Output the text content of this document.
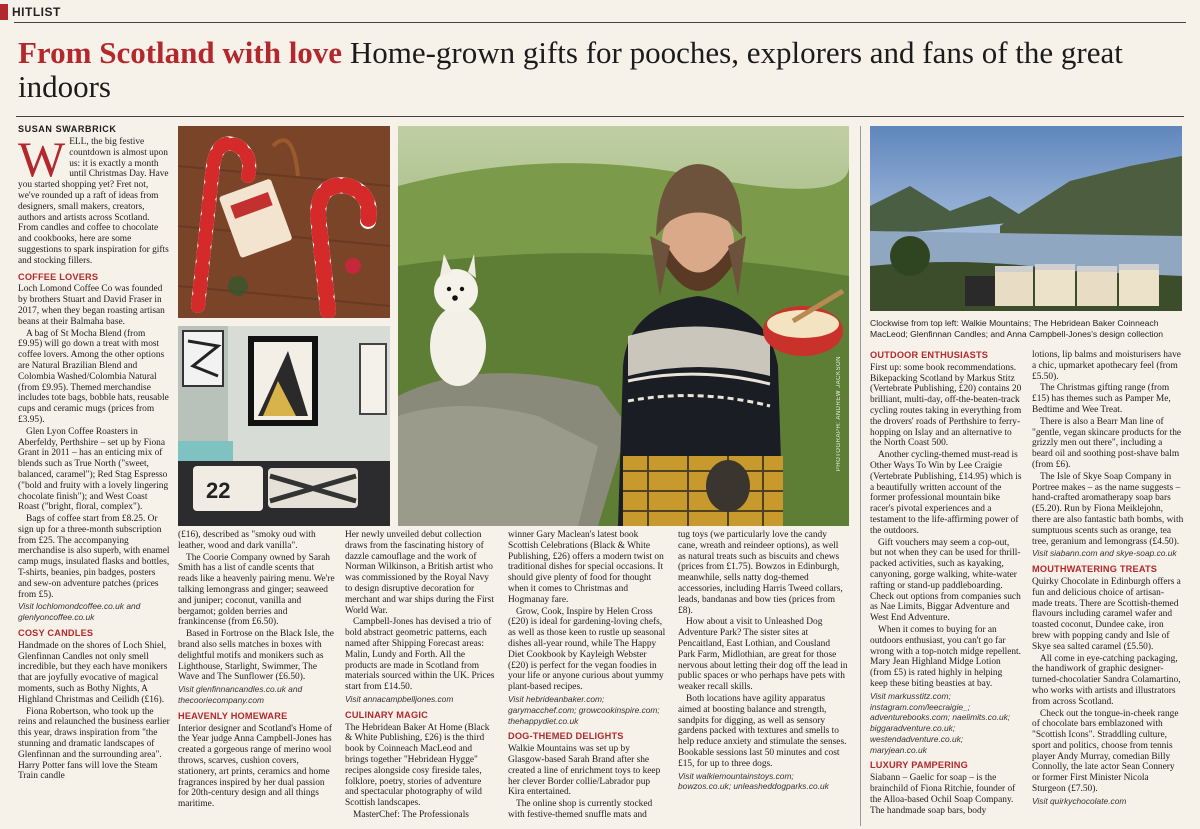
HITLIST
From Scotland with love Home-grown gifts for pooches, explorers and fans of the great indoors
SUSAN SWARBRICK

WELL, the big festive countdown is almost upon us: it is exactly a month until Christmas Day. Have you started shopping yet? Fret not, we've rounded up a raft of ideas from designers, small makers, creators, authors and artists across Scotland. From candles and coffee to chocolate and cookbooks, here are some suggestions to spark inspiration for gifts and stocking fillers.

COFFEE LOVERS

Loch Lomond Coffee Co was founded by brothers Stuart and David Fraser in 2017, when they began roasting artisan beans at their Balmaha base.

A bag of St Mocha Blend (from £9.95) will go down a treat with most coffee lovers. Among the other options are Natural Brazilian Blend and Colombia Washed/Colombia Natural (from £9.95). Themed merchandise includes tote bags, bobble hats, reusable cups and ceramic mugs (prices from £3.95).

Glen Lyon Coffee Roasters in Aberfeldy, Perthshire – set up by Fiona Grant in 2011 – has an enticing mix of blends such as True North ("sweet, balanced, caramel"); Red Stag Espresso ("bold and fruity with a lovely lingering chocolate finish"); and West Coast Roast ("bright, floral, complex").

Bags of coffee start from £8.25. Or sign up for a three-month subscription from £25. The accompanying merchandise is also superb, with enamel camp mugs, insulated flasks and bottles, T-shirts, beanies, pin badges, posters and sew-on adventure patches (prices from £5).

Visit lochlomondcoffee.co.uk and glenlyoncoffee.co.uk

COSY CANDLES

Handmade on the shores of Loch Shiel, Glenfinnan Candles not only smell incredible, but they each have monikers that are joyfully evocative of magical moments, such as Bothy Nights, A Highland Christmas and Ceilidh (£16).

Fiona Robertson, who took up the reins and relaunched the business earlier this year, draws inspiration from "the stunning and dramatic landscapes of Glenfinnan and the surrounding area". Harry Potter fans will love the Steam Train candle

22
PHOTOGRAPH: ANDREW JACKSON
Clockwise from top left: Walkie Mountains; The Hebridean Baker Coinneach MacLeod; Glenfinnan Candles; and Anna Campbell-Jones's design collection

(£16), described as "smoky oud with leather, wood and dark vanilla".

The Coorie Company owned by Sarah Smith has a list of candle scents that reads like a heavenly pairing menu. We're talking lemongrass and ginger; seaweed and juniper; coconut, vanilla and bergamot; golden berries and frankincense (from £6.50).

Based in Fortrose on the Black Isle, the brand also sells matches in boxes with delightful motifs and monikers such as Lighthouse, Starlight, Swimmer, The Wave and The Sunflower (£6.50).

Visit glenfinnancandles.co.uk and thecooriecompany.com

HEAVENLY HOMEWARE

Interior designer and Scotland's Home of the Year judge Anna Campbell-Jones has created a gorgeous range of merino wool throws, scarves, cushion covers, stationery, art prints, ceramics and home fragrances inspired by her dual passion for 20th-century design and all things maritime.

Her newly unveiled debut collection draws from the fascinating history of dazzle camouflage and the work of Norman Wilkinson, a British artist who was commissioned by the Royal Navy to design disruptive decoration for merchant and war ships during the First World War.

Campbell-Jones has devised a trio of bold abstract geometric patterns, each named after Shipping Forecast areas: Malin, Lundy and Forth. All the products are made in Scotland from materials sourced within the UK. Prices start from £14.50.

Visit annacampbelljones.com

CULINARY MAGIC

The Hebridean Baker At Home (Black & White Publishing, £26) is the third book by Coinneach MacLeod and brings together "Hebridean Hygge" recipes alongside cosy fireside tales, folklore, poetry, stories of adventure and spectacular photography of wild Scottish landscapes.

MasterChef: The Professionals

winner Gary Maclean's latest book Scottish Celebrations (Black & White Publishing, £26) offers a modern twist on traditional dishes for special occasions. It should give plenty of food for thought when it comes to Christmas and Hogmanay fare.

Grow, Cook, Inspire by Helen Cross (£20) is ideal for gardening-loving chefs, as well as those keen to rustle up seasonal dishes all-year round, while The Happy Diet Cookbook by Kayleigh Webster (£20) is perfect for the vegan foodies in your life or anyone curious about yummy plant-based recipes.

Visit hebrideanbaker.com; garymacchef.com; growcookinspire.com; thehappydiet.co.uk

DOG-THEMED DELIGHTS

Walkie Mountains was set up by Glasgow-based Sarah Brand after she created a line of enrichment toys to keep her clever Border collie/Labrador pup Kira entertained.

The online shop is currently stocked with festive-themed snuffle mats and

tug toys (we particularly love the candy cane, wreath and reindeer options), as well as natural treats such as biscuits and chews (prices from £1.75). Bowzos in Edinburgh, meanwhile, sells natty dog-themed accessories, including Harris Tweed collars, leads, bandanas and bow ties (prices from £8).

How about a visit to Unleashed Dog Adventure Park? The sister sites at Pencaitland, East Lothian, and Cousland Park Farm, Midlothian, are great for those nervous about letting their dog off the lead in public spaces or who perhaps have pets with weaker recall skills.

Both locations have agility apparatus aimed at boosting balance and strength, sandpits for digging, as well as sensory gardens packed with textures and smells to help reduce anxiety and stimulate the senses. Bookable sessions last 50 minutes and cost £15, for up to three dogs.

Visit walkiemountainstoys.com; bowzos.co.uk; unleasheddogparks.co.uk

OUTDOOR ENTHUSIASTS

First up: some book recommendations. Bikepacking Scotland by Markus Stitz (Vertebrate Publishing, £20) contains 20 brilliant, multi-day, off-the-beaten-track cycling routes taking in everything from the drovers' roads of Perthshire to ferry-hopping on Islay and an alternative to the North Coast 500.

Another cycling-themed must-read is Other Ways To Win by Lee Craigie (Vertebrate Publishing, £14.95) which is a beautifully written account of the former professional mountain bike racer's pivotal experiences and a testament to the life-affirming power of the outdoors.

Gift vouchers may seem a cop-out, but not when they can be used for thrill-packed activities, such as kayaking, canyoning, gorge walking, white-water rafting or stand-up paddleboarding. Check out options from companies such as Nae Limits, Biggar Adventure and West End Adventure.

When it comes to buying for an outdoors enthusiast, you can't go far wrong with a top-notch midge repellent. Mary Jean Highland Midge Lotion (from £5) is rated highly in helping keep these biting beasties at bay.

Visit markusstitz.com; instagram.com/leecraigie_; adventurebooks.com; naelimits.co.uk; biggaradventure.co.uk; westendadventure.co.uk; maryjean.co.uk

LUXURY PAMPERING

Siabann – Gaelic for soap – is the brainchild of Fiona Ritchie, founder of the Alloa-based Ochil Soap Company. The handmade soap bars, body

lotions, lip balms and moisturisers have a chic, upmarket apothecary feel (from £5.50).

The Christmas gifting range (from £15) has themes such as Pamper Me, Bedtime and Wee Treat.

There is also a Bearr Man line of "gentle, vegan skincare products for the grizzly men out there", including a beard oil and soothing post-shave balm (from £6).

The Isle of Skye Soap Company in Portree makes – as the name suggests – hand-crafted aromatherapy soap bars (£5.20). Run by Fiona Meiklejohn, there are also fantastic bath bombs, with sumptuous scents such as orange, tea tree, geranium and lemongrass (£4.50).

Visit siabann.com and skye-soap.co.uk

MOUTHWATERING TREATS

Quirky Chocolate in Edinburgh offers a fun and delicious choice of artisan-made treats. There are Scottish-themed flavours including caramel wafer and toasted coconut, Dundee cake, iron brew with popping candy and Isle of Skye sea salted caramel (£5.50).

All come in eye-catching packaging, the handiwork of graphic designer-turned-chocolatier Sandra Colamartino, who works with artists and illustrators from across Scotland.

Check out the tongue-in-cheek range of chocolate bars emblazoned with "Scottish Icons". Straddling culture, sport and politics, choose from tennis player Andy Murray, comedian Billy Connolly, the late actor Sean Connery or former First Minister Nicola Sturgeon (£7.50).

Visit quirkychocolate.com
